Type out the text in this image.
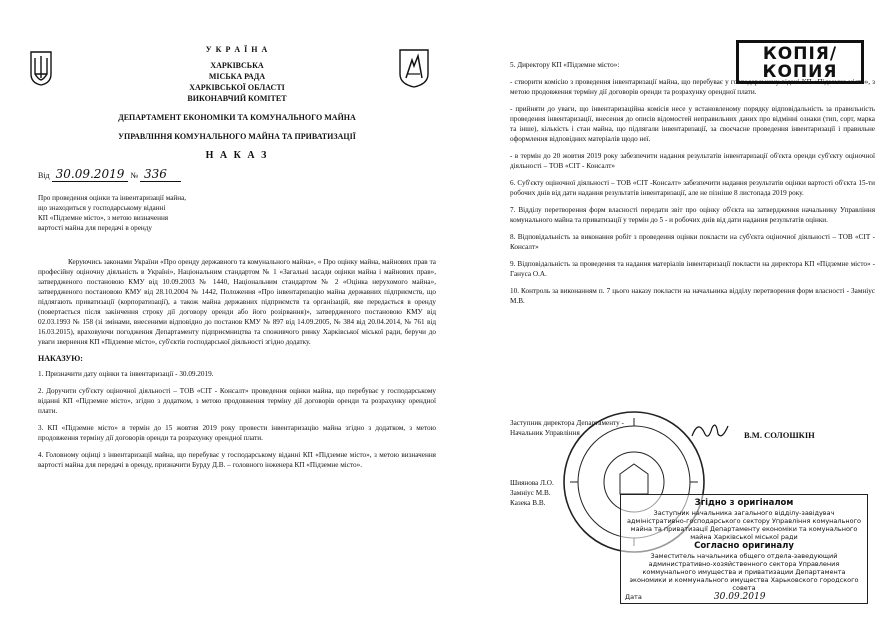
КОПІЯ/
КОПИЯ
У К Р А Ї Н А
ХАРКІВСЬКА
МІСЬКА РАДА
ХАРКІВСЬКОЇ ОБЛАСТІ
ВИКОНАВЧИЙ КОМІТЕТ
ДЕПАРТАМЕНТ ЕКОНОМІКИ ТА КОМУНАЛЬНОГО МАЙНА
УПРАВЛІННЯ КОМУНАЛЬНОГО МАЙНА ТА ПРИВАТИЗАЦІЇ
Н А К А З
Від 30.09.2019 № 336
Про проведення оцінки та інвентаризації майна,
що знаходиться у господарському віданні
КП «Підземне місто», з метою визначення
вартості майна для передачі в оренду

Керуючись законами України «Про оренду державного та комунального майна», « Про оцінку майна, майнових прав та професійну оціночну діяльність в Україні», Національним стандартом № 1 «Загальні засади оцінки майна і майнових прав», затвердженого постановою КМУ від 10.09.2003 № 1440, Національним стандартом № 2 «Оцінка нерухомого майна», затвердженого постановою КМУ від 28.10.2004 № 1442, Положення «Про інвентаризацію майна державних підприємств, що підлягають приватизації (корпоратизації), а також майна державних підприємств та організацій, яке передається в оренду (повертається після закінчення строку дії договору оренди або його розірвання)», затвердженого постановою КМУ від 02.03.1993 № 158 (зі змінами, внесеними відповідно до постанов КМУ № 897 від 14.09.2005, № 384 від 20.04.2014, № 761 від 16.03.2015), враховуючи погодження Департаменту підприємництва та споживчого ринку Харківської міської ради, беручи до уваги звернення КП «Підземне місто», суб'єктів господарської діяльності згідно додатку.

НАКАЗУЮ:

1. Призначити дату оцінки та інвентаризації - 30.09.2019.

2. Доручити суб'єкту оціночної діяльності – ТОВ «СІТ - Консалт» проведення оцінки майна, що перебуває у господарському віданні КП «Підземне місто», згідно з додатком, з метою продовження терміну дії договорів оренди та розрахунку орендної плати.

3. КП «Підземне місто» в термін до 15 жовтня 2019 року провести інвентаризацію майна згідно з додатком, з метою продовження терміну дії договорів оренди та розрахунку орендної плати.

4. Головному оцінці з інвентаризації майна, що перебуває у господарському віданні КП «Підземне місто», з метою визначення вартості майна для передачі в оренду, призначити Бурду Д.В. – головного інженера КП «Підземне місто».

5. Директору КП «Підземне місто»:

- створити комісію з проведення інвентаризації майна, що перебуває у господарському відані КП «Підземне місто», з метою продовження терміну дії договорів оренди та розрахунку орендної плати.

- прийняти до уваги, що інвентаризаційна комісія несе у встановленому порядку відповідальність за правильність проведення інвентаризації, внесення до описів відомостей неправильних даних про відмінні ознаки (тип, сорт, марка та інше), кількість і стан майна, що підлягали інвентаризації, за своєчасне проведення інвентаризації і правильне оформлення відповідних матеріалів щодо неї.

- в термін до 20 жовтня 2019 року забезпечити надання результатів інвентаризації об'єкта оренди суб'єкту оціночної діяльності – ТОВ «СІТ - Консалт»

6. Суб'єкту оціночної діяльності – ТОВ «СІТ -Консалт» забезпечити надання результатів оцінки вартості об'єкта 15-ти робочих днів від дати надання результатів інвентаризації, але не пізніше 8 листопада 2019 року.

7. Відділу перетворення форм власності передати звіт про оцінку об'єкта на затвердження начальнику Управління комунального майна та приватизації у термін до 5 - и робочих днів від дати надання результатів оцінки.

8. Відповідальність за виконання робіт з проведення оцінки покласти на суб'єкта оціночної діяльності – ТОВ «СІТ - Консалт»

9. Відповідальність за проведення та надання матеріалів інвентаризації покласти на директора КП «Підземне місто» - Гануса О.А.

10. Контроль за виконанням п. 7 цього наказу покласти на начальника відділу перетворення форм власності - Замніус М.В.

Заступник директора Департаменту -
Начальник Управління	В.М. СОЛОШКІН
Шиянова Л.О.
Замніус М.В.
Казека В.В.	Згідно з оригіналом
Заступник начальника загального відділу-завідувач адміністративно-господарського сектору Управління комунального майна та приватизації Департаменту економіки та комунального майна Харківської міської ради
Согласно оригиналу
Заместитель начальника общего отдела-заведующий административно-хозяйственного сектора Управления коммунального имущества и приватизации Департамента экономики и коммунального имущества Харьковского городского совета
Дата	30.09.2019
